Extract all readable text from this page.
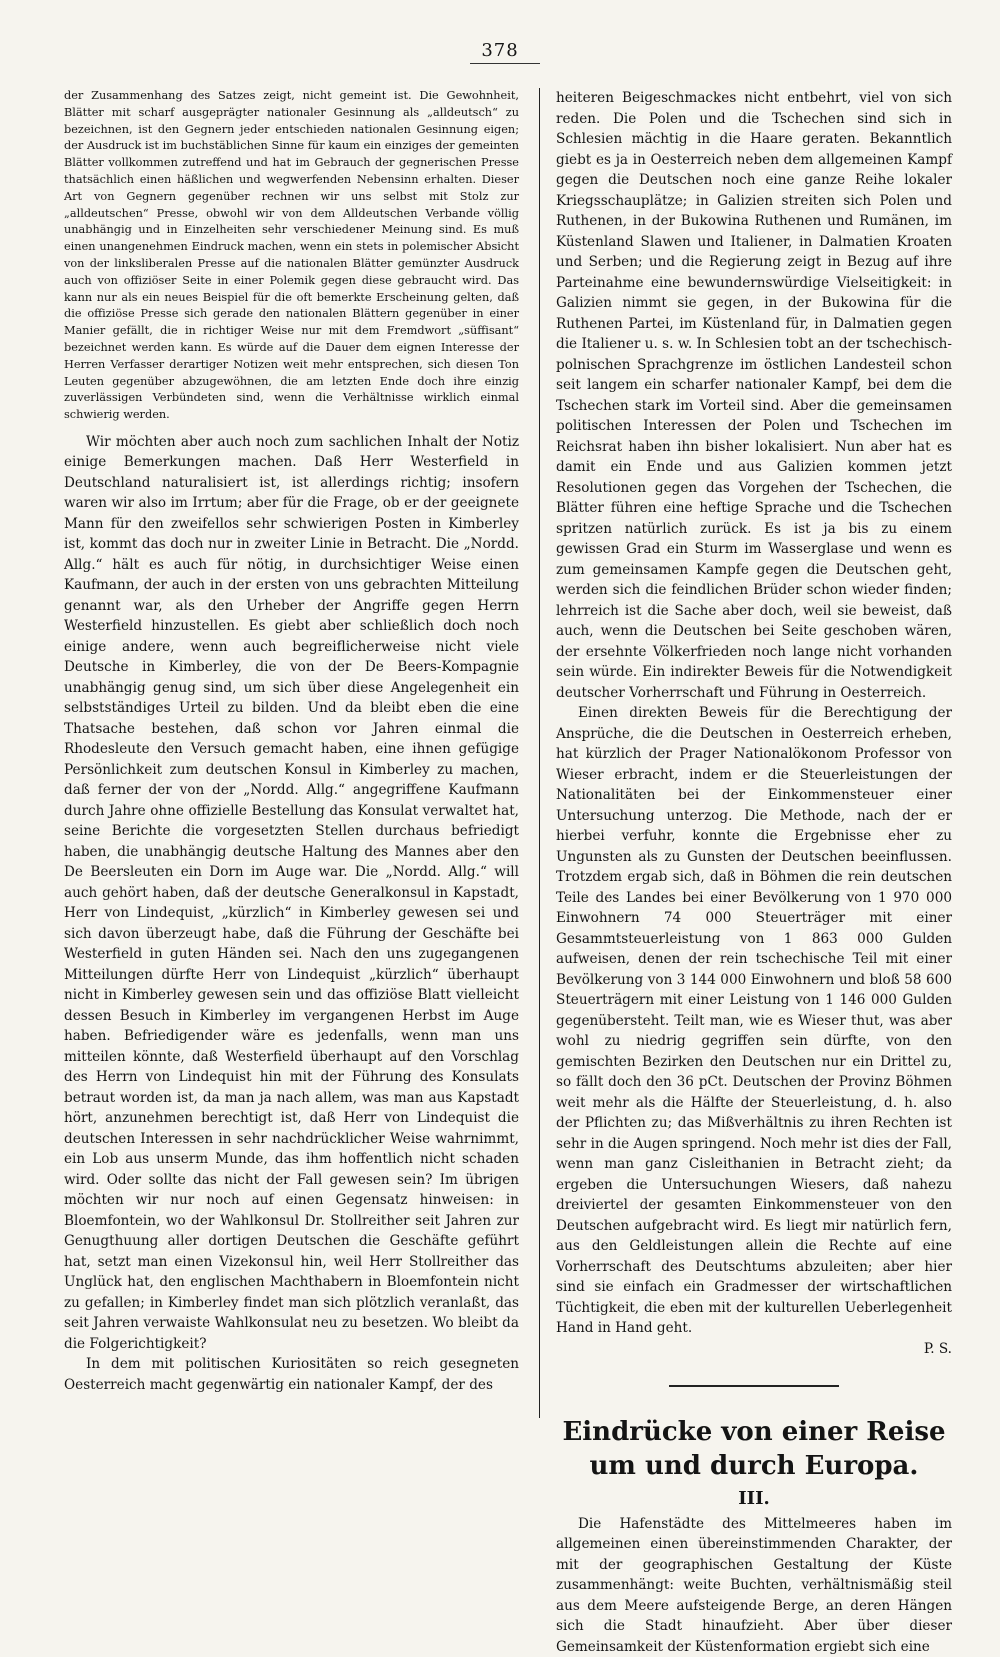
378

der Zusammenhang des Satzes zeigt, nicht gemeint ist. Die Gewohnheit, Blätter mit scharf ausgeprägter nationaler Gesinnung als „alldeutsch“ zu bezeichnen, ist den Gegnern jeder entschieden nationalen Gesinnung eigen; der Ausdruck ist im buchstäblichen Sinne für kaum ein einziges der gemeinten Blätter vollkommen zutreffend und hat im Gebrauch der gegnerischen Presse thatsächlich einen häßlichen und wegwerfenden Nebensinn erhalten. Dieser Art von Gegnern gegenüber rechnen wir uns selbst mit Stolz zur „alldeutschen“ Presse, obwohl wir von dem Alldeutschen Verbande völlig unabhängig und in Einzelheiten sehr verschiedener Meinung sind. Es muß einen unangenehmen Eindruck machen, wenn ein stets in polemischer Absicht von der linksliberalen Presse auf die nationalen Blätter gemünzter Ausdruck auch von offiziöser Seite in einer Polemik gegen diese gebraucht wird. Das kann nur als ein neues Beispiel für die oft bemerkte Erscheinung gelten, daß die offiziöse Presse sich gerade den nationalen Blättern gegenüber in einer Manier gefällt, die in richtiger Weise nur mit dem Fremdwort „süffisant“ bezeichnet werden kann. Es würde auf die Dauer dem eignen Interesse der Herren Verfasser derartiger Notizen weit mehr entsprechen, sich diesen Ton Leuten gegenüber abzugewöhnen, die am letzten Ende doch ihre einzig zuverlässigen Verbündeten sind, wenn die Verhältnisse wirklich einmal schwierig werden.

Wir möchten aber auch noch zum sachlichen Inhalt der Notiz einige Bemerkungen machen. Daß Herr Westerfield in Deutschland naturalisiert ist, ist allerdings richtig; insofern waren wir also im Irrtum; aber für die Frage, ob er der geeignete Mann für den zweifellos sehr schwierigen Posten in Kimberley ist, kommt das doch nur in zweiter Linie in Betracht. Die „Nordd. Allg.“ hält es auch für nötig, in durchsichtiger Weise einen Kaufmann, der auch in der ersten von uns gebrachten Mitteilung genannt war, als den Urheber der Angriffe gegen Herrn Westerfield hinzustellen. Es giebt aber schließlich doch noch einige andere, wenn auch begreiflicherweise nicht viele Deutsche in Kimberley, die von der De Beers-Kompagnie unabhängig genug sind, um sich über diese Angelegenheit ein selbstständiges Urteil zu bilden. Und da bleibt eben die eine Thatsache bestehen, daß schon vor Jahren einmal die Rhodesleute den Versuch gemacht haben, eine ihnen gefügige Persönlichkeit zum deutschen Konsul in Kimberley zu machen, daß ferner der von der „Nordd. Allg.“ angegriffene Kaufmann durch Jahre ohne offizielle Bestellung das Konsulat verwaltet hat, seine Berichte die vorgesetzten Stellen durchaus befriedigt haben, die unabhängig deutsche Haltung des Mannes aber den De Beersleuten ein Dorn im Auge war. Die „Nordd. Allg.“ will auch gehört haben, daß der deutsche Generalkonsul in Kapstadt, Herr von Lindequist, „kürzlich“ in Kimberley gewesen sei und sich davon überzeugt habe, daß die Führung der Geschäfte bei Westerfield in guten Händen sei. Nach den uns zugegangenen Mitteilungen dürfte Herr von Lindequist „kürzlich“ überhaupt nicht in Kimberley gewesen sein und das offiziöse Blatt vielleicht dessen Besuch in Kimberley im vergangenen Herbst im Auge haben. Befriedigender wäre es jedenfalls, wenn man uns mitteilen könnte, daß Westerfield überhaupt auf den Vorschlag des Herrn von Lindequist hin mit der Führung des Konsulats betraut worden ist, da man ja nach allem, was man aus Kapstadt hört, anzunehmen berechtigt ist, daß Herr von Lindequist die deutschen Interessen in sehr nachdrücklicher Weise wahrnimmt, ein Lob aus unserm Munde, das ihm hoffentlich nicht schaden wird. Oder sollte das nicht der Fall gewesen sein? Im übrigen möchten wir nur noch auf einen Gegensatz hinweisen: in Bloemfontein, wo der Wahlkonsul Dr. Stollreither seit Jahren zur Genugthuung aller dortigen Deutschen die Geschäfte geführt hat, setzt man einen Vizekonsul hin, weil Herr Stollreither das Unglück hat, den englischen Machthabern in Bloemfontein nicht zu gefallen; in Kimberley findet man sich plötzlich veranlaßt, das seit Jahren verwaiste Wahlkonsulat neu zu besetzen. Wo bleibt da die Folgerichtigkeit?

In dem mit politischen Kuriositäten so reich gesegneten Oesterreich macht gegenwärtig ein nationaler Kampf, der des

heiteren Beigeschmackes nicht entbehrt, viel von sich reden. Die Polen und die Tschechen sind sich in Schlesien mächtig in die Haare geraten. Bekanntlich giebt es ja in Oesterreich neben dem allgemeinen Kampf gegen die Deutschen noch eine ganze Reihe lokaler Kriegsschauplätze; in Galizien streiten sich Polen und Ruthenen, in der Bukowina Ruthenen und Rumänen, im Küstenland Slawen und Italiener, in Dalmatien Kroaten und Serben; und die Regierung zeigt in Bezug auf ihre Parteinahme eine bewundernswürdige Vielseitigkeit: in Galizien nimmt sie gegen, in der Bukowina für die Ruthenen Partei, im Küstenland für, in Dalmatien gegen die Italiener u. s. w. In Schlesien tobt an der tschechisch-polnischen Sprachgrenze im östlichen Landesteil schon seit langem ein scharfer nationaler Kampf, bei dem die Tschechen stark im Vorteil sind. Aber die gemeinsamen politischen Interessen der Polen und Tschechen im Reichsrat haben ihn bisher lokalisiert. Nun aber hat es damit ein Ende und aus Galizien kommen jetzt Resolutionen gegen das Vorgehen der Tschechen, die Blätter führen eine heftige Sprache und die Tschechen spritzen natürlich zurück. Es ist ja bis zu einem gewissen Grad ein Sturm im Wasserglase und wenn es zum gemeinsamen Kampfe gegen die Deutschen geht, werden sich die feindlichen Brüder schon wieder finden; lehrreich ist die Sache aber doch, weil sie beweist, daß auch, wenn die Deutschen bei Seite geschoben wären, der ersehnte Völkerfrieden noch lange nicht vorhanden sein würde. Ein indirekter Beweis für die Notwendigkeit deutscher Vorherrschaft und Führung in Oesterreich.

Einen direkten Beweis für die Berechtigung der Ansprüche, die die Deutschen in Oesterreich erheben, hat kürzlich der Prager Nationalökonom Professor von Wieser erbracht, indem er die Steuerleistungen der Nationalitäten bei der Einkommensteuer einer Untersuchung unterzog. Die Methode, nach der er hierbei verfuhr, konnte die Ergebnisse eher zu Ungunsten als zu Gunsten der Deutschen beeinflussen. Trotzdem ergab sich, daß in Böhmen die rein deutschen Teile des Landes bei einer Bevölkerung von 1 970 000 Einwohnern 74 000 Steuerträger mit einer Gesammtsteuerleistung von 1 863 000 Gulden aufweisen, denen der rein tschechische Teil mit einer Bevölkerung von 3 144 000 Einwohnern und bloß 58 600 Steuerträgern mit einer Leistung von 1 146 000 Gulden gegenübersteht. Teilt man, wie es Wieser thut, was aber wohl zu niedrig gegriffen sein dürfte, von den gemischten Bezirken den Deutschen nur ein Drittel zu, so fällt doch den 36 pCt. Deutschen der Provinz Böhmen weit mehr als die Hälfte der Steuerleistung, d. h. also der Pflichten zu; das Mißverhältnis zu ihren Rechten ist sehr in die Augen springend. Noch mehr ist dies der Fall, wenn man ganz Cisleithanien in Betracht zieht; da ergeben die Untersuchungen Wiesers, daß nahezu dreiviertel der gesamten Einkommensteuer von den Deutschen aufgebracht wird. Es liegt mir natürlich fern, aus den Geldleistungen allein die Rechte auf eine Vorherrschaft des Deutschtums abzuleiten; aber hier sind sie einfach ein Gradmesser der wirtschaftlichen Tüchtigkeit, die eben mit der kulturellen Ueberlegenheit Hand in Hand geht.

P. S.

Eindrücke von einer Reise um und durch Europa.
III.

Die Hafenstädte des Mittelmeeres haben im allgemeinen einen übereinstimmenden Charakter, der mit der geographischen Gestaltung der Küste zusammenhängt: weite Buchten, verhältnismäßig steil aus dem Meere aufsteigende Berge, an deren Hängen sich die Stadt hinaufzieht. Aber über dieser Gemeinsamkeit der Küstenformation ergiebt sich eine
